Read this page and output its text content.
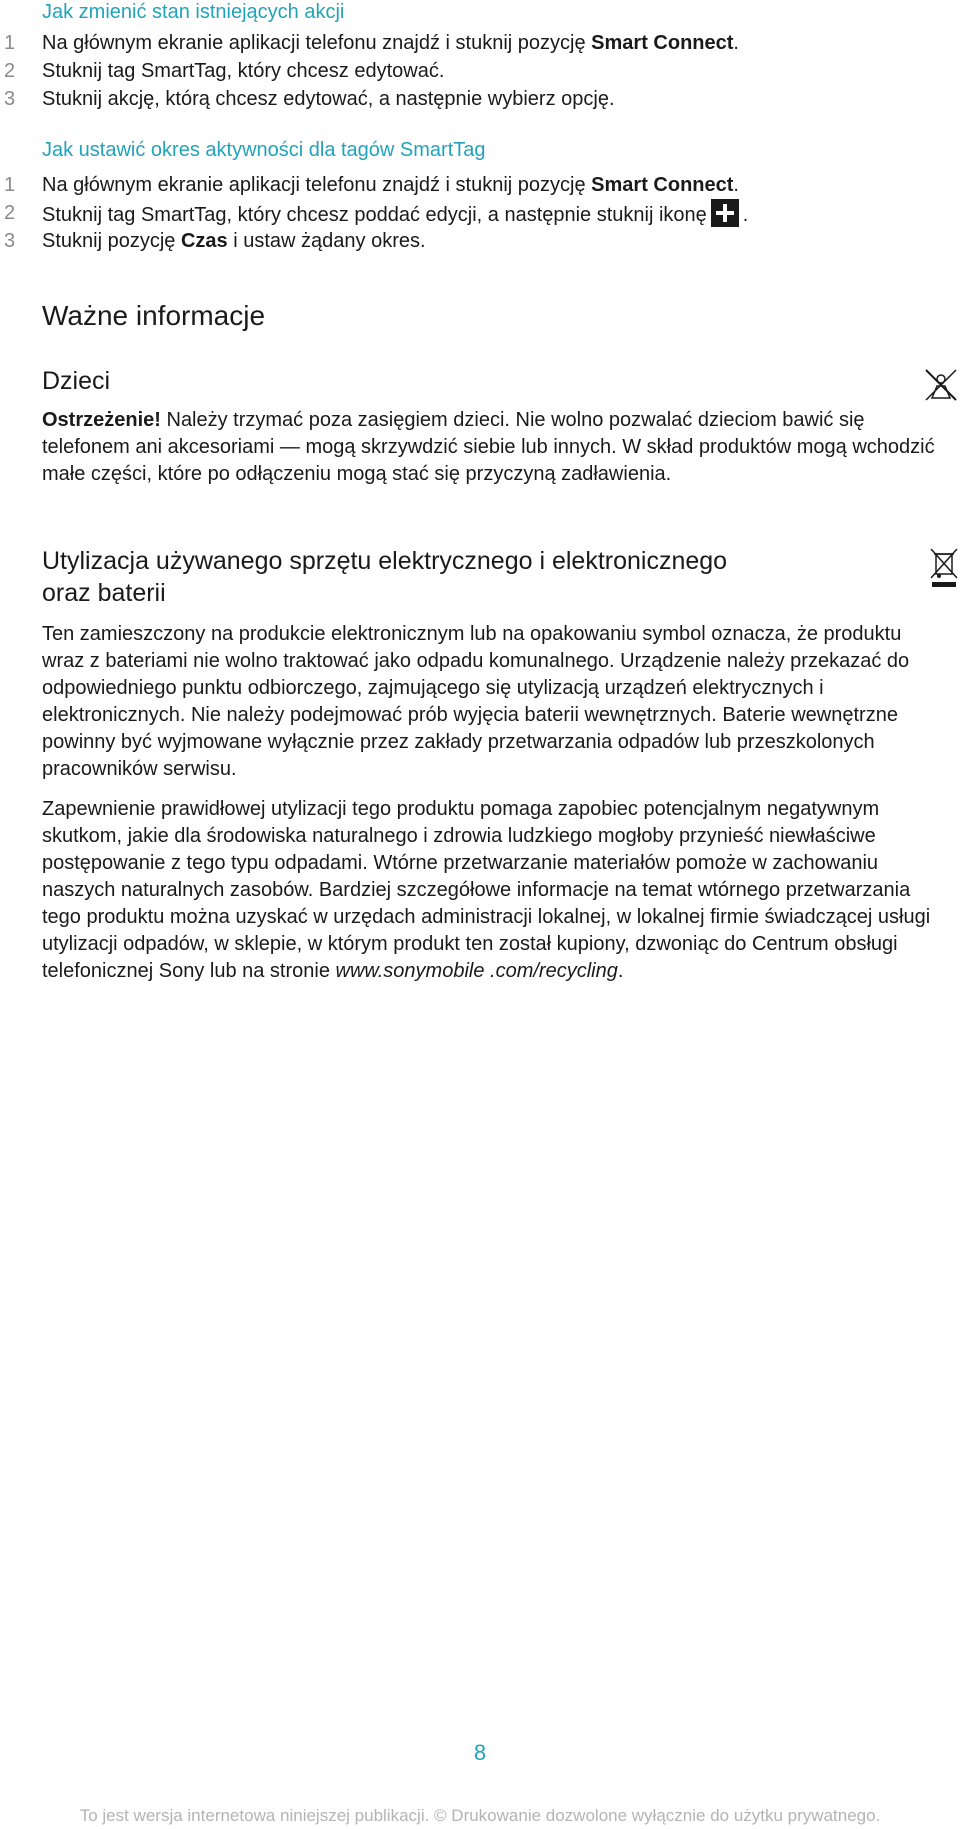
Jak zmienić stan istniejących akcji
1 Na głównym ekranie aplikacji telefonu znajdź i stuknij pozycję Smart Connect.
2 Stuknij tag SmartTag, który chcesz edytować.
3 Stuknij akcję, którą chcesz edytować, a następnie wybierz opcję.
Jak ustawić okres aktywności dla tagów SmartTag
1 Na głównym ekranie aplikacji telefonu znajdź i stuknij pozycję Smart Connect.
2 Stuknij tag SmartTag, który chcesz poddać edycji, a następnie stuknij ikonę .
3 Stuknij pozycję Czas i ustaw żądany okres.
Ważne informacje
Dzieci

Ostrzeżenie! Należy trzymać poza zasięgiem dzieci. Nie wolno pozwalać dzieciom bawić się telefonem ani akcesoriami — mogą skrzywdzić siebie lub innych. W skład produktów mogą wchodzić małe części, które po odłączeniu mogą stać się przyczyną zadławienia.

Utylizacja używanego sprzętu elektrycznego i elektronicznego
oraz baterii

Ten zamieszczony na produkcie elektronicznym lub na opakowaniu symbol oznacza, że produktu wraz z bateriami nie wolno traktować jako odpadu komunalnego. Urządzenie należy przekazać do odpowiedniego punktu odbiorczego, zajmującego się utylizacją urządzeń elektrycznych i elektronicznych. Nie należy podejmować prób wyjęcia baterii wewnętrznych. Baterie wewnętrzne powinny być wyjmowane wyłącznie przez zakłady przetwarzania odpadów lub przeszkolonych pracowników serwisu.

Zapewnienie prawidłowej utylizacji tego produktu pomaga zapobiec potencjalnym negatywnym skutkom, jakie dla środowiska naturalnego i zdrowia ludzkiego mogłoby przynieść niewłaściwe postępowanie z tego typu odpadami. Wtórne przetwarzanie materiałów pomoże w zachowaniu naszych naturalnych zasobów. Bardziej szczegółowe informacje na temat wtórnego przetwarzania tego produktu można uzyskać w urzędach administracji lokalnej, w lokalnej firmie świadczącej usługi utylizacji odpadów, w sklepie, w którym produkt ten został kupiony, dzwoniąc do Centrum obsługi telefonicznej Sony lub na stronie www.sonymobile .com/recycling.

8
To jest wersja internetowa niniejszej publikacji. © Drukowanie dozwolone wyłącznie do użytku prywatnego.
